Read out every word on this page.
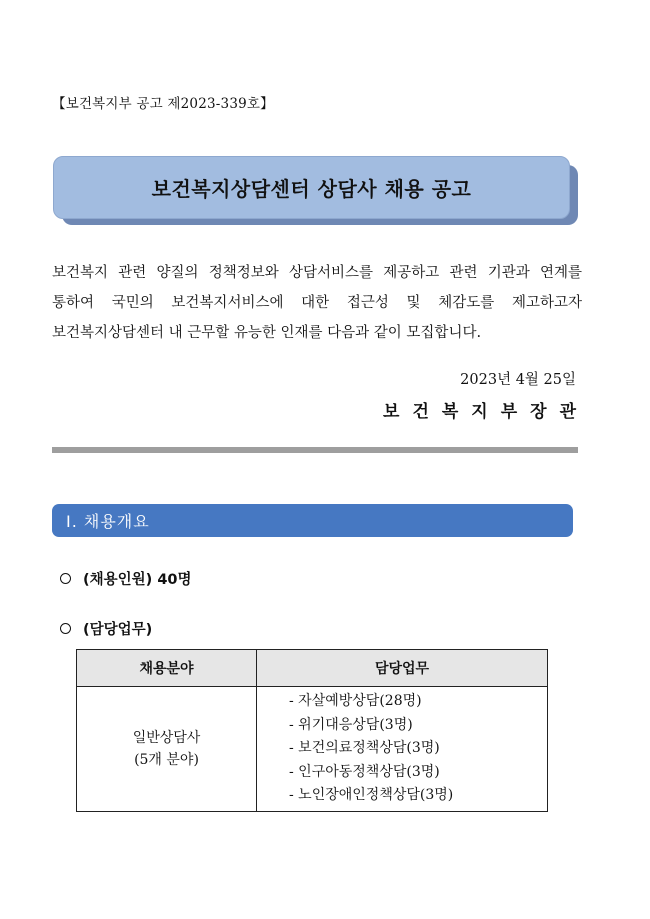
【보건복지부 공고 제2023-339호】
보건복지상담센터 상담사 채용 공고

보건복지 관련 양질의 정책정보와 상담서비스를 제공하고 관련 기관과 연계를

통하여 국민의 보건복지서비스에 대한 접근성 및 체감도를 제고하고자

보건복지상담센터 내 근무할 유능한 인재를 다음과 같이 모집합니다.

2023년 4월 25일
보건복지부장관
Ⅰ. 채용개요
(채용인원) 40명
(담당업무)
채용분야	담당업무

일반상담사
(5개 분야)	- 자살예방상담(28명)
- 위기대응상담(3명)
- 보건의료정책상담(3명)
- 인구아동정책상담(3명)
- 노인장애인정책상담(3명)
